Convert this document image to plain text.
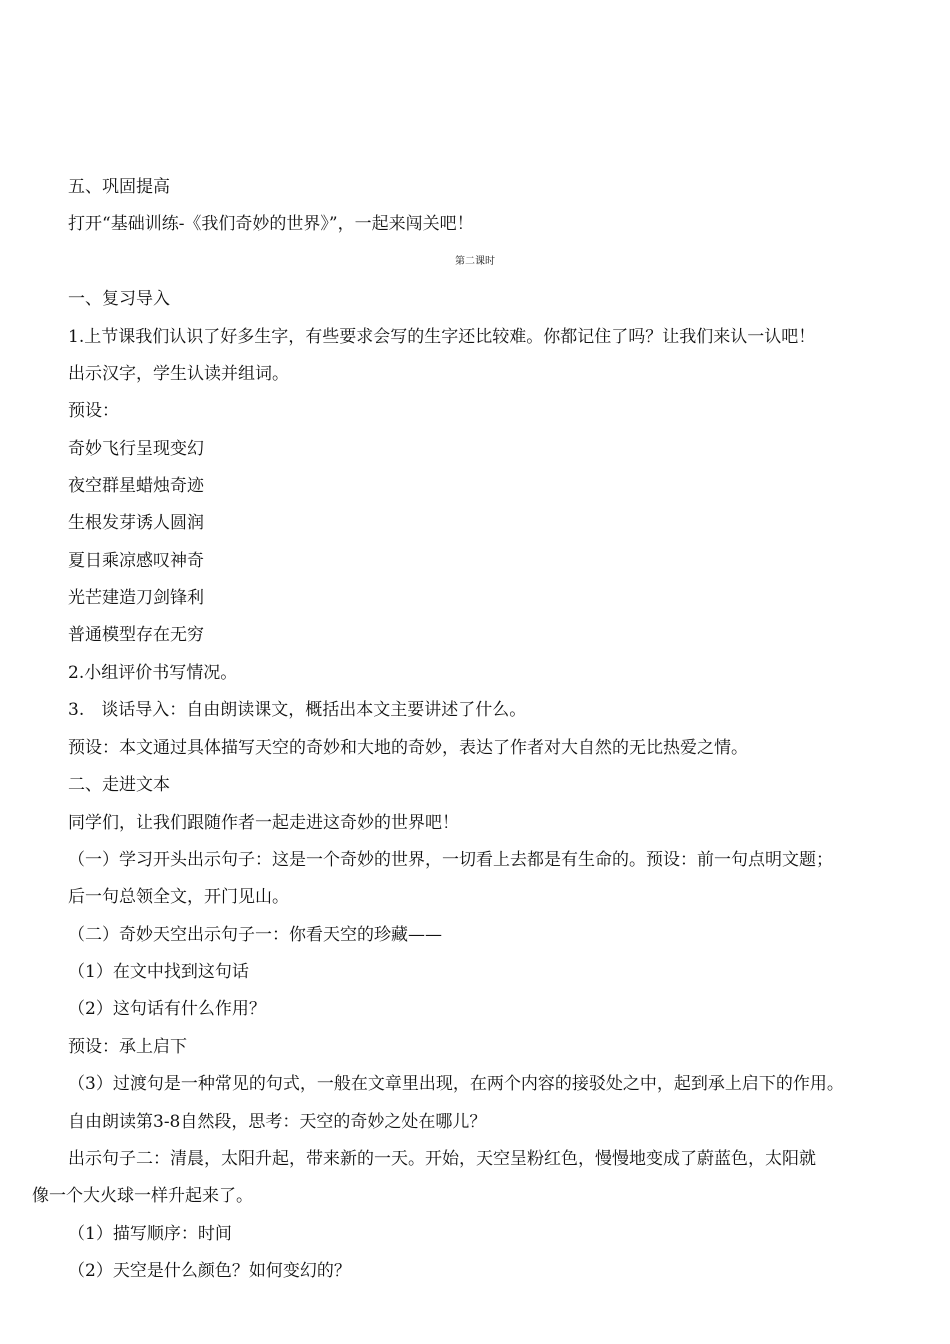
五、巩固提高
打开“基础训练-《我们奇妙的世界》”，一起来闯关吧！
第二课时
一、复习导入
1.上节课我们认识了好多生字，有些要求会写的生字还比较难。你都记住了吗？让我们来认一认吧！
出示汉字，学生认读并组词。
预设：
奇妙飞行呈现变幻
夜空群星蜡烛奇迹
生根发芽诱人圆润
夏日乘凉感叹神奇
光芒建造刀剑锋利
普通模型存在无穷
2.小组评价书写情况。
3.　谈话导入：自由朗读课文，概括出本文主要讲述了什么。
预设：本文通过具体描写天空的奇妙和大地的奇妙，表达了作者对大自然的无比热爱之情。
二、走进文本
同学们，让我们跟随作者一起走进这奇妙的世界吧！
（一）学习开头出示句子：这是一个奇妙的世界，一切看上去都是有生命的。预设：前一句点明文题；
后一句总领全文，开门见山。
（二）奇妙天空出示句子一：你看天空的珍藏——
（1）在文中找到这句话
（2）这句话有什么作用？
预设：承上启下
（3）过渡句是一种常见的句式，一般在文章里出现，在两个内容的接驳处之中，起到承上启下的作用。
自由朗读第3-8自然段，思考：天空的奇妙之处在哪儿？
出示句子二：清晨，太阳升起，带来新的一天。开始，天空呈粉红色，慢慢地变成了蔚蓝色，太阳就
像一个大火球一样升起来了。
（1）描写顺序：时间
（2）天空是什么颜色？如何变幻的？
